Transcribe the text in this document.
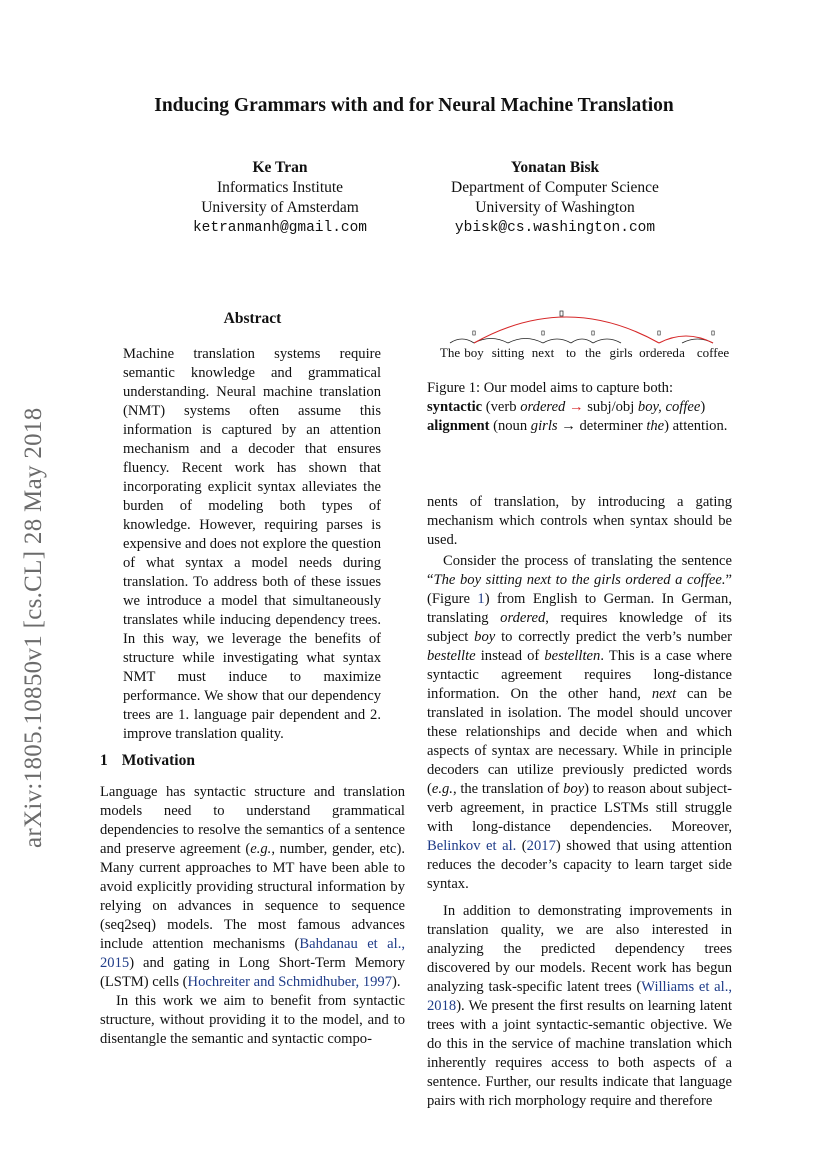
Inducing Grammars with and for Neural Machine Translation
Ke Tran
Informatics Institute
University of Amsterdam
ketranmanh@gmail.com
Yonatan Bisk
Department of Computer Science
University of Washington
ybisk@cs.washington.com
arXiv:1805.10850v1 [cs.CL] 28 May 2018
Abstract

Machine translation systems require semantic knowledge and grammatical understanding. Neural machine translation (NMT) systems often assume this information is captured by an attention mechanism and a decoder that ensures fluency. Recent work has shown that incorporating explicit syntax alleviates the burden of modeling both types of knowledge. However, requiring parses is expensive and does not explore the question of what syntax a model needs during translation. To address both of these issues we introduce a model that simultaneously translates while inducing dependency trees. In this way, we leverage the benefits of structure while investigating what syntax NMT must induce to maximize performance. We show that our dependency trees are 1. language pair dependent and 2. improve translation quality.

1 Motivation

Language has syntactic structure and translation models need to understand grammatical dependencies to resolve the semantics of a sentence and preserve agreement (e.g., number, gender, etc). Many current approaches to MT have been able to avoid explicitly providing structural information by relying on advances in sequence to sequence (seq2seq) models. The most famous advances include attention mechanisms (Bahdanau et al., 2015) and gating in Long Short-Term Memory (LSTM) cells (Hochreiter and Schmidhuber, 1997).

In this work we aim to benefit from syntactic structure, without providing it to the model, and to disentangle the semantic and syntactic compo-

The boy sitting next to the girls ordered a coffee
Figure 1: Our model aims to capture both:
syntactic (verb ordered → subj/obj boy, coffee)
alignment (noun girls → determiner the) attention.

nents of translation, by introducing a gating mechanism which controls when syntax should be used.

Consider the process of translating the sentence “The boy sitting next to the girls ordered a coffee.” (Figure 1) from English to German. In German, translating ordered, requires knowledge of its subject boy to correctly predict the verb’s number bestellte instead of bestellten. This is a case where syntactic agreement requires long-distance information. On the other hand, next can be translated in isolation. The model should uncover these relationships and decide when and which aspects of syntax are necessary. While in principle decoders can utilize previously predicted words (e.g., the translation of boy) to reason about subject-verb agreement, in practice LSTMs still struggle with long-distance dependencies. Moreover, Belinkov et al. (2017) showed that using attention reduces the decoder’s capacity to learn target side syntax.

In addition to demonstrating improvements in translation quality, we are also interested in analyzing the predicted dependency trees discovered by our models. Recent work has begun analyzing task-specific latent trees (Williams et al., 2018). We present the first results on learning latent trees with a joint syntactic-semantic objective. We do this in the service of machine translation which inherently requires access to both aspects of a sentence. Further, our results indicate that language pairs with rich morphology require and therefore
